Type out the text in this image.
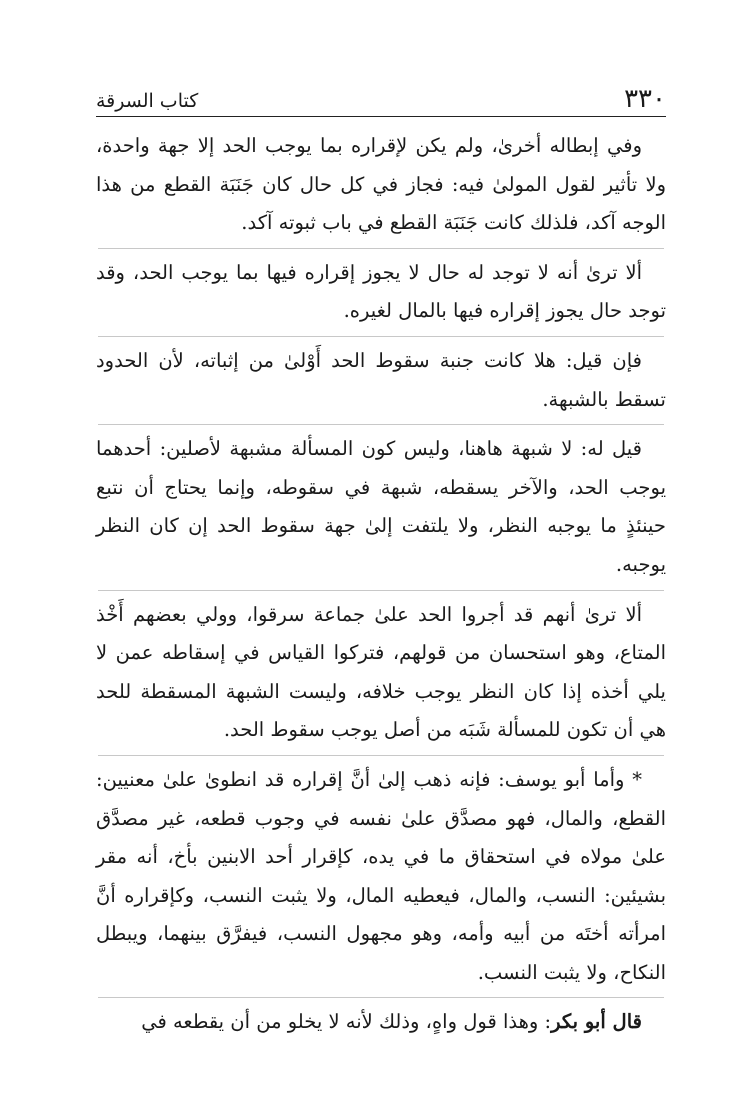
٣٣٠
كتاب السرقة

وفي إبطاله أخرىٰ، ولم يكن لإقراره بما يوجب الحد إلا جهة واحدة، ولا تأثير لقول المولىٰ فيه: فجاز في كل حال كان جَنَبَة القطع من هذا الوجه آكد، فلذلك كانت جَنَبَة القطع في باب ثبوته آكد.

ألا ترىٰ أنه لا توجد له حال لا يجوز إقراره فيها بما يوجب الحد، وقد توجد حال يجوز إقراره فيها بالمال لغيره.

فإن قيل: هلا كانت جنبة سقوط الحد أَوْلىٰ من إثباته، لأن الحدود تسقط بالشبهة.

قيل له: لا شبهة هاهنا، وليس كون المسألة مشبهة لأصلين: أحدهما يوجب الحد، والآخر يسقطه، شبهة في سقوطه، وإنما يحتاج أن نتبع حينئذٍ ما يوجبه النظر، ولا يلتفت إلىٰ جهة سقوط الحد إن كان النظر يوجبه.

ألا ترىٰ أنهم قد أجروا الحد علىٰ جماعة سرقوا، وولي بعضهم أَخْذ المتاع، وهو استحسان من قولهم، فتركوا القياس في إسقاطه عمن لا يلي أخذه إذا كان النظر يوجب خلافه، وليست الشبهة المسقطة للحد هي أن تكون للمسألة شَبَه من أصل يوجب سقوط الحد.

* وأما أبو يوسف: فإنه ذهب إلىٰ أنَّ إقراره قد انطوىٰ علىٰ معنيين: القطع، والمال، فهو مصدَّق علىٰ نفسه في وجوب قطعه، غير مصدَّق علىٰ مولاه في استحقاق ما في يده، كإقرار أحد الابنين بأخ، أنه مقر بشيئين: النسب، والمال، فيعطيه المال، ولا يثبت النسب، وكإقراره أنَّ امرأته أختَه من أبيه وأمه، وهو مجهول النسب، فيفرَّق بينهما، ويبطل النكاح، ولا يثبت النسب.

قال أبو بكر: وهذا قول واهٍ، وذلك لأنه لا يخلو من أن يقطعه في
